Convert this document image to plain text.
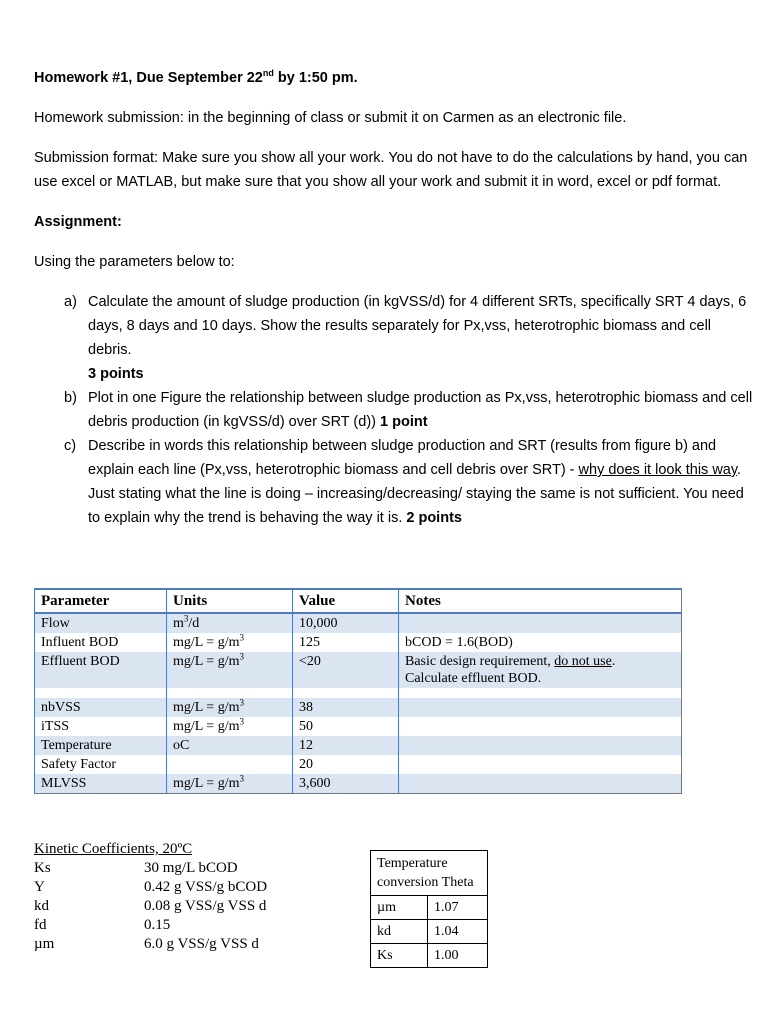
Homework #1, Due September 22nd by 1:50 pm.

Homework submission: in the beginning of class or submit it on Carmen as an electronic file.

Submission format: Make sure you show all your work. You do not have to do the calculations by hand, you can use excel or MATLAB, but make sure that you show all your work and submit it in word, excel or pdf format.

Assignment:

Using the parameters below to:

a) Calculate the amount of sludge production (in kgVSS/d) for 4 different SRTs, specifically SRT 4 days, 6 days, 8 days and 10 days. Show the results separately for Px,vss, heterotrophic biomass and cell debris.
3 points
b) Plot in one Figure the relationship between sludge production as Px,vss, heterotrophic biomass and cell debris production (in kgVSS/d) over SRT (d)) 1 point
c) Describe in words this relationship between sludge production and SRT (results from figure b) and explain each line (Px,vss, heterotrophic biomass and cell debris over SRT) - why does it look this way. Just stating what the line is doing – increasing/decreasing/ staying the same is not sufficient. You need to explain why the trend is behaving the way it is. 2 points
Parameter	Units	Value	Notes
Flow	$m^3/d$	10,000	
Influent BOD	$mg/L = g/m^3$	125	bCOD = 1.6(BOD)
Effluent BOD	$mg/L = g/m^3$	<20	Basic design requirement, do not use.
Calculate effluent BOD.

nbVSS	$mg/L = g/m^3$	38	
iTSS	$mg/L = g/m^3$	50	
Temperature	oC	12	
Safety Factor		20	
MLVSS	$mg/L = g/m^3$	3,600	
Kinetic Coefficients, 20ºC
Ks	30 mg/L bCOD
Y	0.42 g VSS/g bCOD
kd	0.08 g VSS/g VSS d
fd	0.15
µm	6.0 g VSS/g VSS d
Temperature conversion Theta	
µm	1.07
kd	1.04
Ks	1.00
